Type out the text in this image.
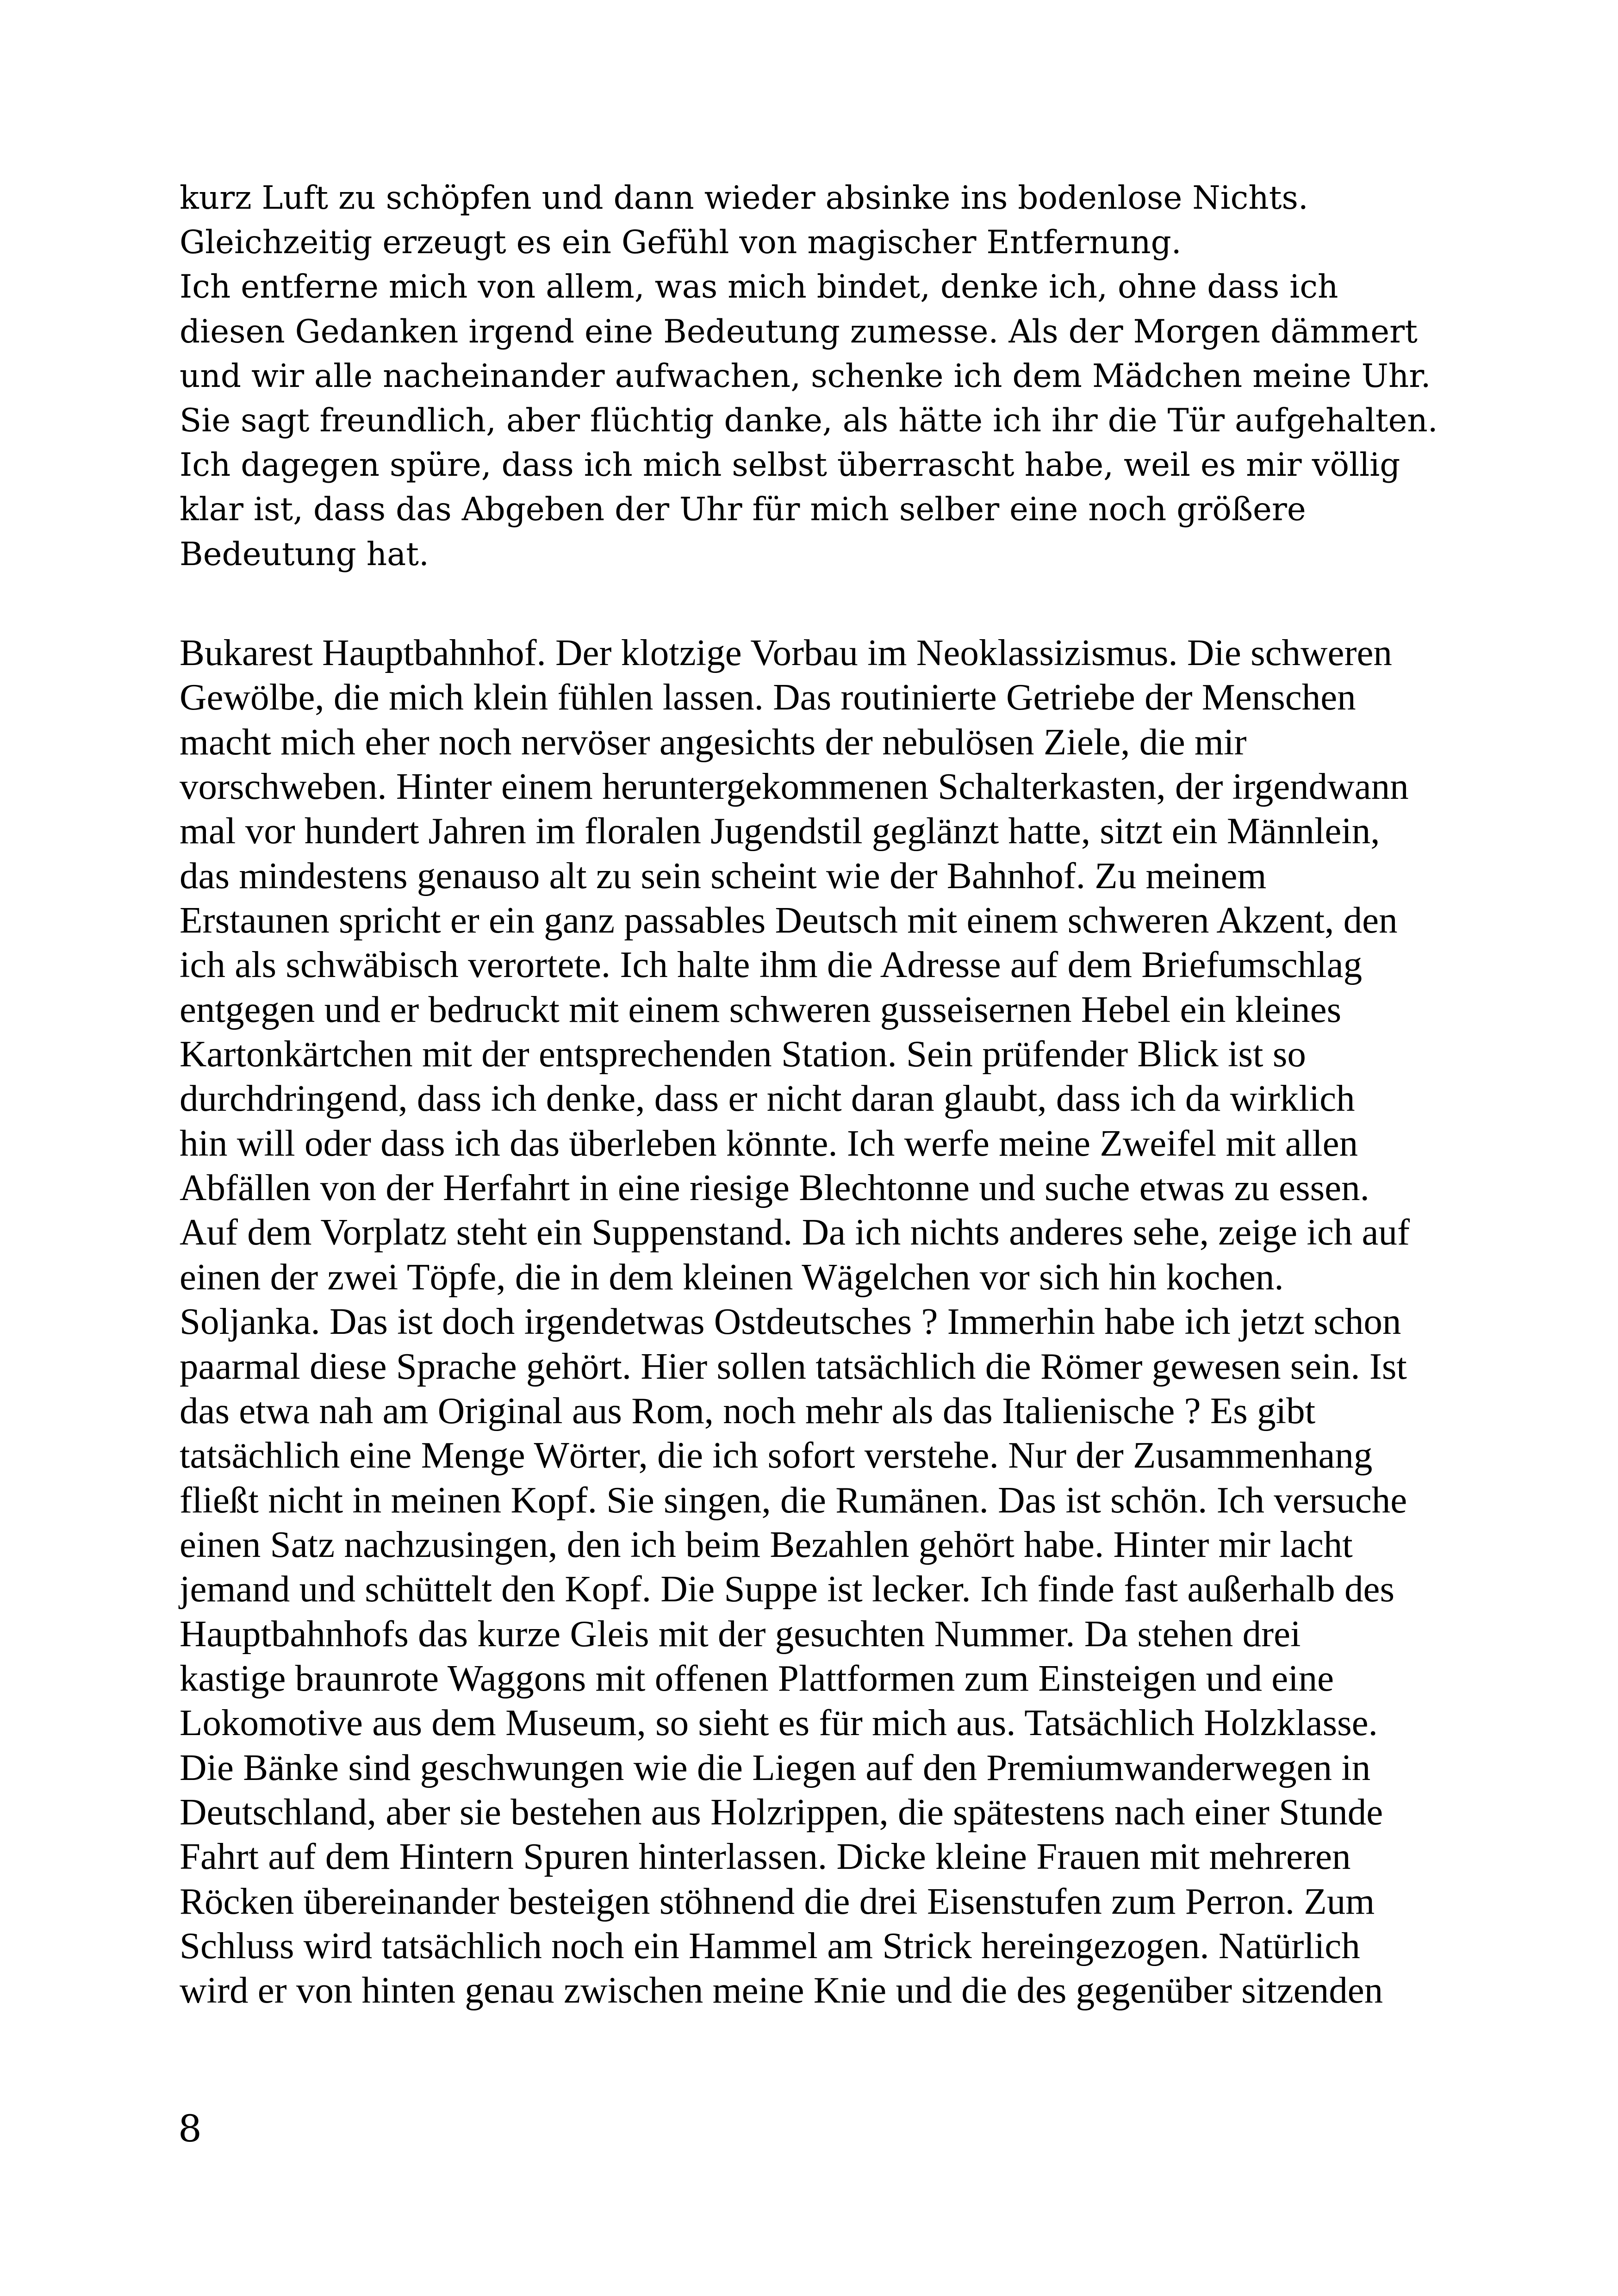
kurz Luft zu schöpfen und dann wieder absinke ins bodenlose Nichts.
Gleichzeitig erzeugt es ein Gefühl von magischer Entfernung.
Ich entferne mich von allem, was mich bindet, denke ich, ohne dass ich
diesen Gedanken irgend eine Bedeutung zumesse. Als der Morgen dämmert
und wir alle nacheinander aufwachen, schenke ich dem Mädchen meine Uhr.
Sie sagt freundlich, aber flüchtig danke, als hätte ich ihr die Tür aufgehalten.
Ich dagegen spüre, dass ich mich selbst überrascht habe, weil es mir völlig
klar ist, dass das Abgeben der Uhr für mich selber eine noch größere
Bedeutung hat.
Bukarest Hauptbahnhof. Der klotzige Vorbau im Neoklassizismus. Die schweren
Gewölbe, die mich klein fühlen lassen. Das routinierte Getriebe der Menschen
macht mich eher noch nervöser angesichts der nebulösen Ziele, die mir
vorschweben. Hinter einem heruntergekommenen Schalterkasten, der irgendwann
mal vor hundert Jahren im floralen Jugendstil geglänzt hatte, sitzt ein Männlein,
das mindestens genauso alt zu sein scheint wie der Bahnhof. Zu meinem
Erstaunen spricht er ein ganz passables Deutsch mit einem schweren Akzent, den
ich als schwäbisch verortete. Ich halte ihm die Adresse auf dem Briefumschlag
entgegen und er bedruckt mit einem schweren gusseisernen Hebel ein kleines
Kartonkärtchen mit der entsprechenden Station. Sein prüfender Blick ist so
durchdringend, dass ich denke, dass er nicht daran glaubt, dass ich da wirklich
hin will oder dass ich das überleben könnte. Ich werfe meine Zweifel mit allen
Abfällen von der Herfahrt in eine riesige Blechtonne und suche etwas zu essen.
Auf dem Vorplatz steht ein Suppenstand. Da ich nichts anderes sehe, zeige ich auf
einen der zwei Töpfe, die in dem kleinen Wägelchen vor sich hin kochen.
Soljanka. Das ist doch irgendetwas Ostdeutsches ? Immerhin habe ich jetzt schon
paarmal diese Sprache gehört. Hier sollen tatsächlich die Römer gewesen sein. Ist
das etwa nah am Original aus Rom, noch mehr als das Italienische ? Es gibt
tatsächlich eine Menge Wörter, die ich sofort verstehe. Nur der Zusammenhang
fließt nicht in meinen Kopf. Sie singen, die Rumänen. Das ist schön. Ich versuche
einen Satz nachzusingen, den ich beim Bezahlen gehört habe. Hinter mir lacht
jemand und schüttelt den Kopf. Die Suppe ist lecker. Ich finde fast außerhalb des
Hauptbahnhofs das kurze Gleis mit der gesuchten Nummer. Da stehen drei
kastige braunrote Waggons mit offenen Plattformen zum Einsteigen und eine
Lokomotive aus dem Museum, so sieht es für mich aus. Tatsächlich Holzklasse.
Die Bänke sind geschwungen wie die Liegen auf den Premiumwanderwegen in
Deutschland, aber sie bestehen aus Holzrippen, die spätestens nach einer Stunde
Fahrt auf dem Hintern Spuren hinterlassen. Dicke kleine Frauen mit mehreren
Röcken übereinander besteigen stöhnend die drei Eisenstufen zum Perron. Zum
Schluss wird tatsächlich noch ein Hammel am Strick hereingezogen. Natürlich
wird er von hinten genau zwischen meine Knie und die des gegenüber sitzenden

8
